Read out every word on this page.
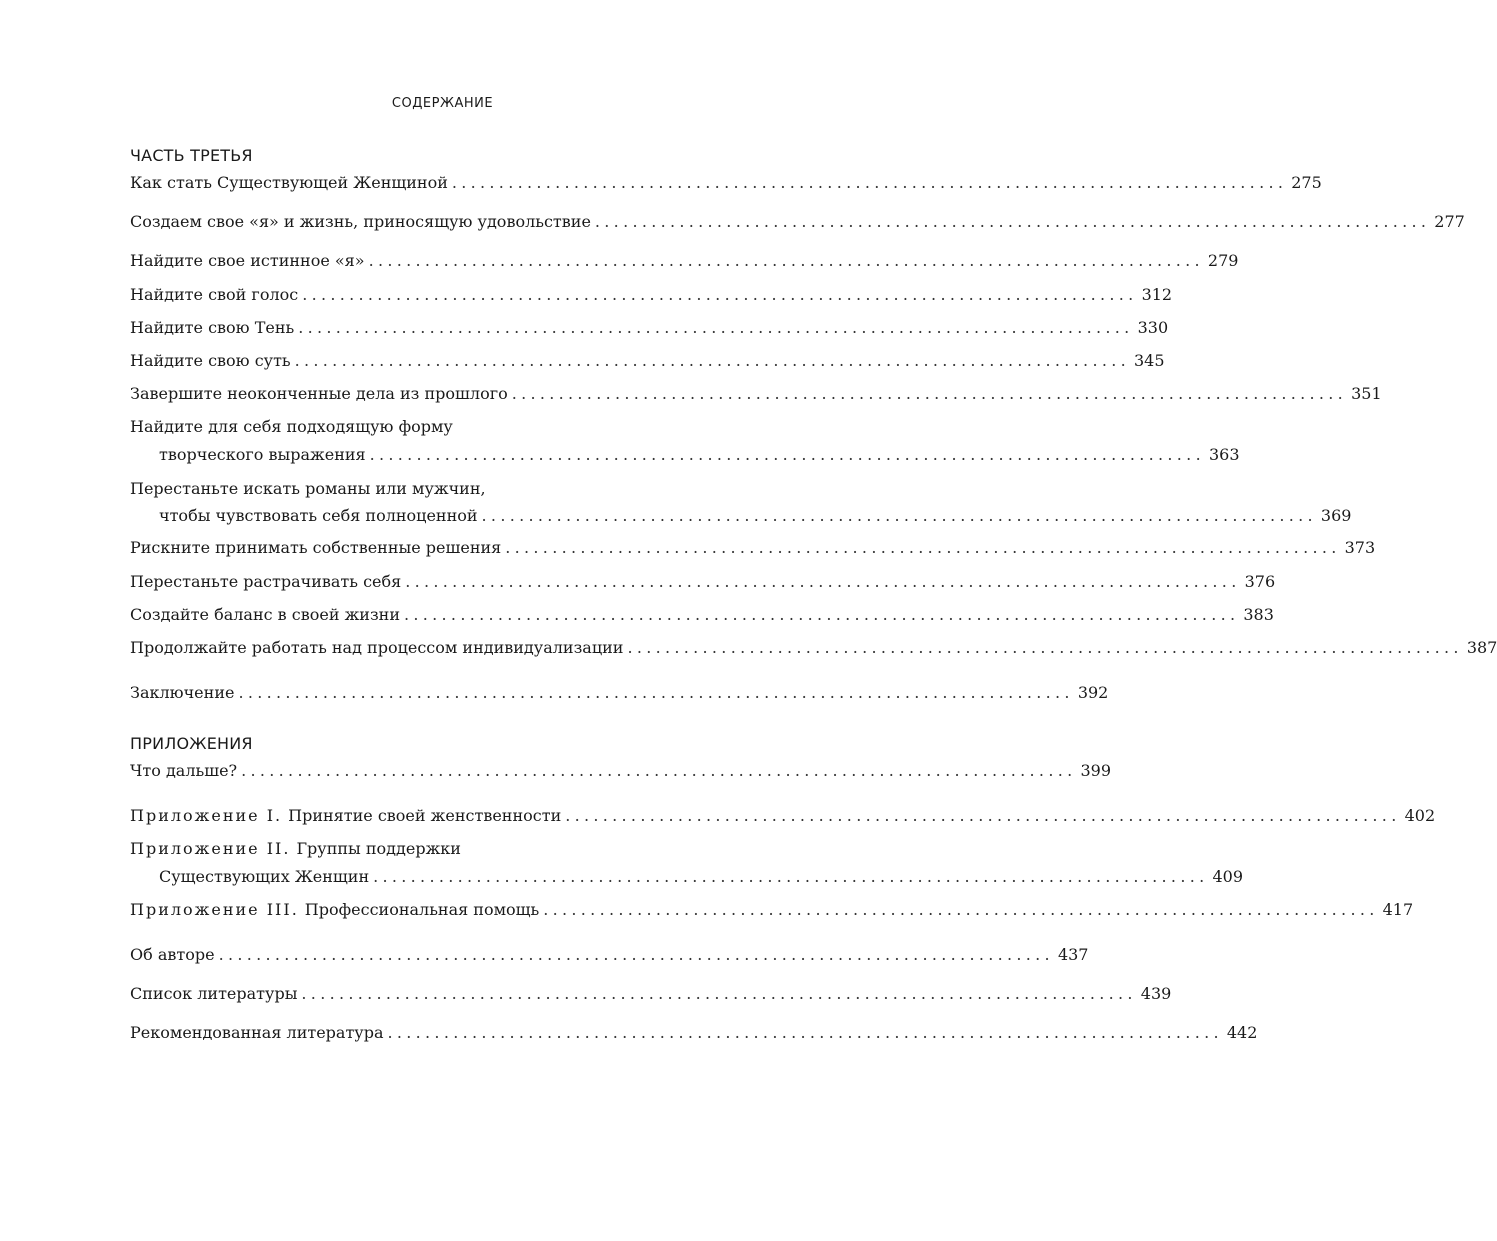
СОДЕРЖАНИЕ
ЧАСТЬ ТРЕТЬЯ
Как стать Существующей Женщиной ......................................................................................... 275
Создаем свое «я» и жизнь, приносящую удовольствие ......................................................................................... 277
Найдите свое истинное «я» ......................................................................................... 279
Найдите свой голос ......................................................................................... 312
Найдите свою Тень ......................................................................................... 330
Найдите свою суть ......................................................................................... 345
Завершите неоконченные дела из прошлого ......................................................................................... 351
Найдите для себя подходящую форму
творческого выражения ......................................................................................... 363
Перестаньте искать романы или мужчин,
чтобы чувствовать себя полноценной ......................................................................................... 369
Рискните принимать собственные решения ......................................................................................... 373
Перестаньте растрачивать себя ......................................................................................... 376
Создайте баланс в своей жизни ......................................................................................... 383
Продолжайте работать над процессом индивидуализации ......................................................................................... 387
Заключение ......................................................................................... 392
ПРИЛОЖЕНИЯ
Что дальше? ......................................................................................... 399
Приложение I. Принятие своей женственности ......................................................................................... 402
Приложение II. Группы поддержки
Существующих Женщин ......................................................................................... 409
Приложение III. Профессиональная помощь ......................................................................................... 417
Об авторе ......................................................................................... 437
Список литературы ......................................................................................... 439
Рекомендованная литература ......................................................................................... 442
